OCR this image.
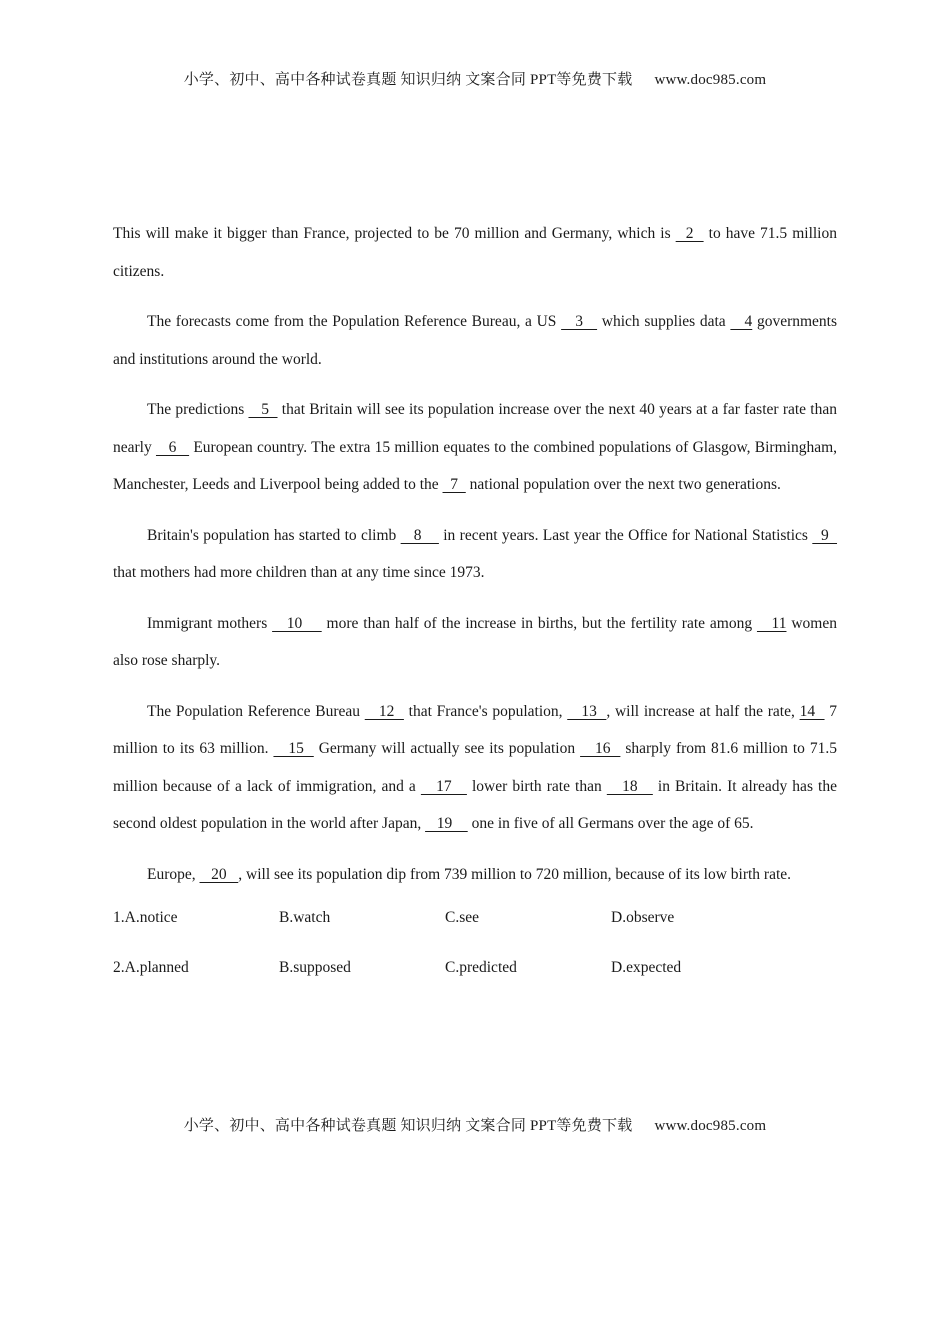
小学、初中、高中各种试卷真题 知识归纳 文案合同 PPT等免费下载 www.doc985.com

This will make it bigger than France, projected to be 70 million and Germany, which is   2   to have 71.5 million citizens.

The forecasts come from the Population Reference Bureau, a US    3    which supplies data    4 governments and institutions around the world.

The predictions    5   that Britain will see its population increase over the next 40 years at a far faster rate than nearly    6    European country. The extra 15 million equates to the combined populations of Glasgow, Birmingham, Manchester, Leeds and Liverpool being added to the   7   national population over the next two generations.

Britain's population has started to climb    8     in recent years. Last year the Office for National Statistics   9   that mothers had more children than at any time since 1973.

Immigrant mothers    10     more than half of the increase in births, but the fertility rate among    11 women also rose sharply.

The Population Reference Bureau    12   that France's population,    13  , will increase at half the rate, 14   7 million to its 63 million.    15   Germany will actually see its population    16   sharply from 81.6 million to 71.5 million because of a lack of immigration, and a    17    lower birth rate than    18    in Britain. It already has the second oldest population in the world after Japan,    19     one in five of all Germans over the age of 65.

Europe,    20   , will see its population dip from 739 million to 720 million, because of its low birth rate.

1.A.notice	B.watch	C.see	D.observe
2.A.planned	B.supposed	C.predicted	D.expected
小学、初中、高中各种试卷真题 知识归纳 文案合同 PPT等免费下载 www.doc985.com
